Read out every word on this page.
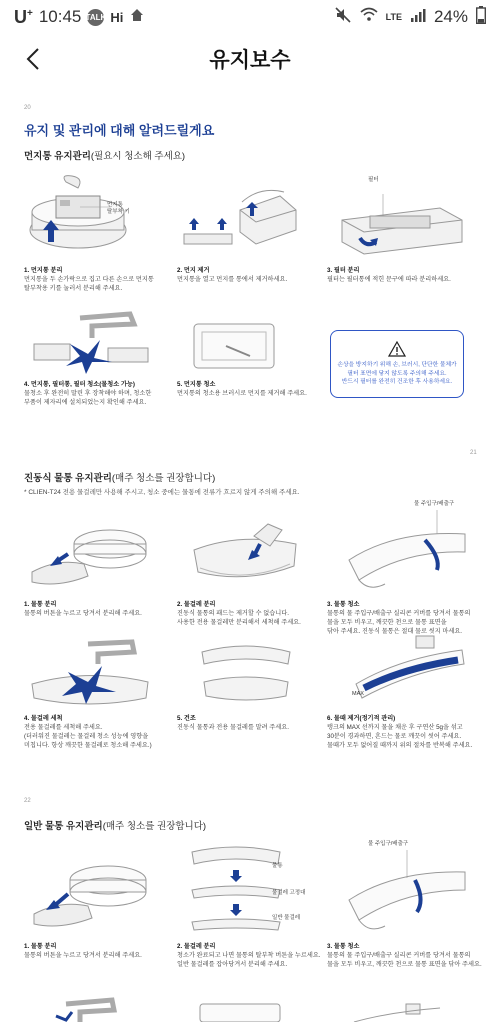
U+ 10:45 TALK Hi	LTE 24%
유지보수
20
유지 및 관리에 대해 알려드릴게요
먼지통 유지관리(필요시 청소해 주세요)
먼지통
탈부착 키
필터
1. 먼지통 분리
먼지통을 두 손가락으로 집고 다른 손으로 먼지통
탈부착용 키를 눌러서 분리해 주세요.
2. 먼지 제거
먼지통을 열고 먼지를 통에서 제거하세요.
3. 필터 분리
필터는 필터통에 적힌 문구에 따라 분리하세요.

손상을 방지하기 위해 손, 브러시, 단단한 물체가
필터 표면에 닿지 않도록 주의해 주세요.
반드시 필터를 완전히 건조한 후 사용하세요.

4. 먼지통, 필터통, 필터 청소(물청소 가능)
물청소 후 완전히 말린 후 장착해야 하며, 청소한
부품이 제자리에 설치되었는지 확인해 주세요.
5. 먼지통 청소
먼지통의 청소용 브러시로 먼지를 제거해 주세요.
21
진동식 물통 유지관리(매주 청소를 권장합니다)
* CLIEN-T24 전용 물걸레만 사용해 주시고, 청소 중에는 물통에 전류가 흐르지 않게 주의해 주세요.
물 주입구/배출구
1. 물통 분리
물통의 버튼을 누르고 당겨서 분리해 주세요.
2. 물걸레 분리
진동식 물통의 패드는 제거할 수 없습니다.
사용한 전용 물걸레만 분리해서 세척해 주세요.
3. 물통 청소
물통의 물 주입구/배출구 실리콘 커버를 당겨서 물통의
물을 모두 비우고, 깨끗한 천으로 물통 표면을
닦아 주세요. 진동식 물통은 절대 물로 씻지 마세요.
MAX
4. 물걸레 세척
전용 물걸레를 세척해 주세요.
(더러워진 물걸레는 물걸레 청소 성능에 영향을
미칩니다. 항상 깨끗한 물걸레로 청소해 주세요.)
5. 건조
진동식 물통과 전용 물걸레를 말려 주세요.
6. 물때 제거(정기적 관리)
탱크의 MAX 선까지 물을 채운 후 구연산 5g을 섞고
30분이 경과하면, 흔드는 물로 깨끗이 씻어 주세요.
물때가 모두 없어질 때까지 위의 절차를 반복해 주세요.
22
일반 물통 유지관리(매주 청소를 권장합니다)
물통
물걸레 고정대
일반 물걸레
물 주입구/배출구
1. 물통 분리
물통의 버튼을 누르고 당겨서 분리해 주세요.
2. 물걸레 분리
청소가 완료되고 나면 물통의 탈부착 버튼을 누르세요.
일반 물걸레를 잡아당겨서 분리해 주세요.
3. 물통 청소
물통의 물 주입구/배출구 실리콘 커버를 당겨서 물통의
물을 모두 비우고, 깨끗한 천으로 물통 표면을 닦아 주세요.
